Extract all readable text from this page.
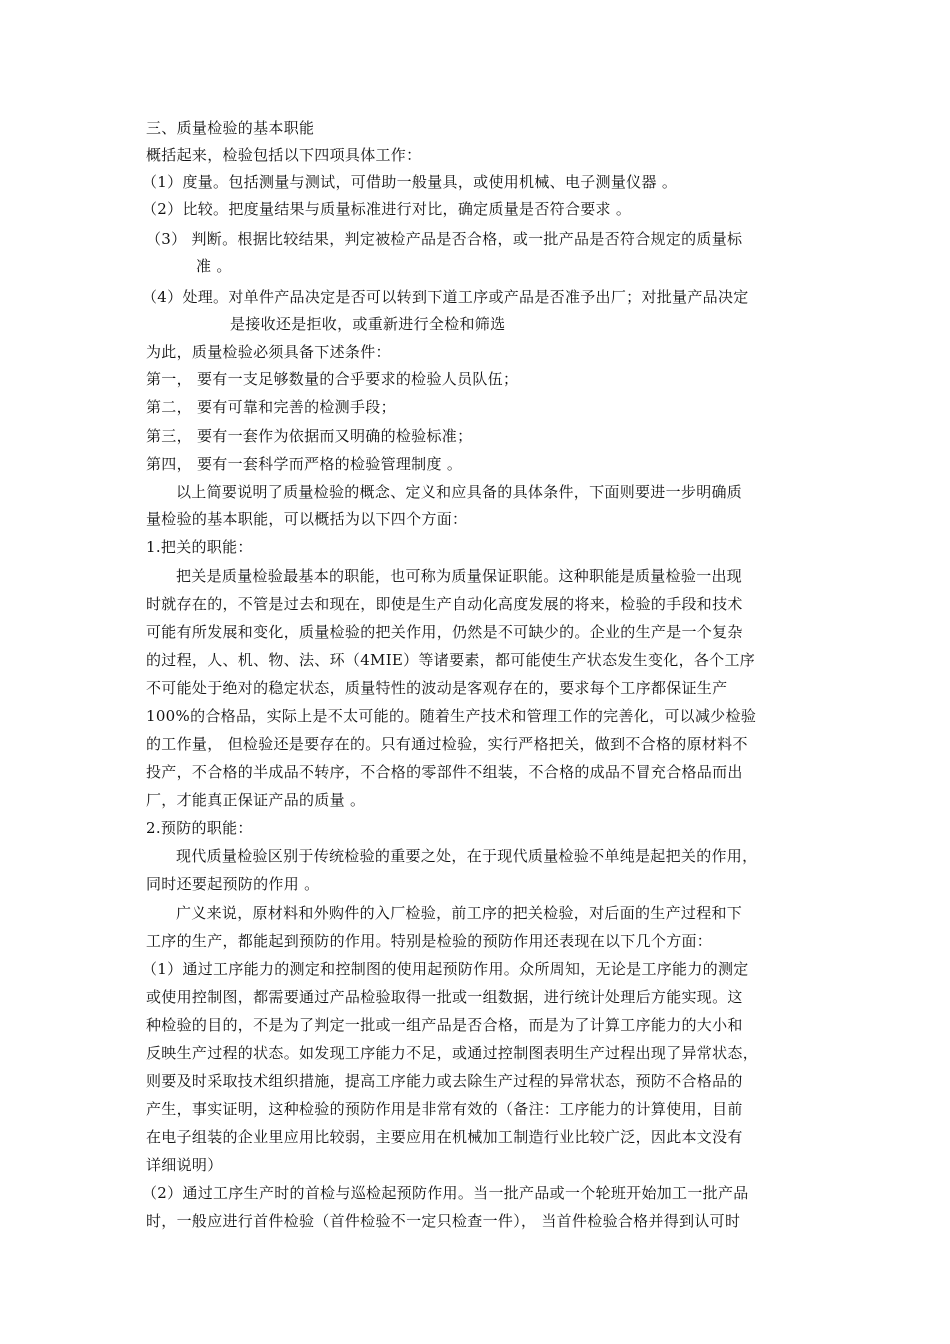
三、质量检验的基本职能
概括起来，检验包括以下四项具体工作：
（1）度量。包括测量与测试，可借助一般量具，或使用机械、电子测量仪器 。
（2）比较。把度量结果与质量标准进行对比，确定质量是否符合要求 。
（3） 判断。根据比较结果，判定被检产品是否合格，或一批产品是否符合规定的质量标
准 。
（4）处理。对单件产品决定是否可以转到下道工序或产品是否准予出厂；对批量产品决定
是接收还是拒收，或重新进行全检和筛选
为此，质量检验必须具备下述条件：
第一， 要有一支足够数量的合乎要求的检验人员队伍；
第二， 要有可靠和完善的检测手段；
第三， 要有一套作为依据而又明确的检验标准；
第四， 要有一套科学而严格的检验管理制度 。
以上简要说明了质量检验的概念、定义和应具备的具体条件，下面则要进一步明确质
量检验的基本职能，可以概括为以下四个方面：
1.把关的职能：
把关是质量检验最基本的职能，也可称为质量保证职能。这种职能是质量检验一出现
时就存在的，不管是过去和现在，即使是生产自动化高度发展的将来，检验的手段和技术
可能有所发展和变化，质量检验的把关作用，仍然是不可缺少的。企业的生产是一个复杂
的过程，人、机、物、法、环（4MIE）等诸要素，都可能使生产状态发生变化，各个工序
不可能处于绝对的稳定状态，质量特性的波动是客观存在的，要求每个工序都保证生产
100%的合格品，实际上是不太可能的。随着生产技术和管理工作的完善化，可以减少检验
的工作量， 但检验还是要存在的。只有通过检验，实行严格把关，做到不合格的原材料不
投产，不合格的半成品不转序，不合格的零部件不组装，不合格的成品不冒充合格品而出
厂，才能真正保证产品的质量 。
2.预防的职能：
现代质量检验区别于传统检验的重要之处，在于现代质量检验不单纯是起把关的作用，
同时还要起预防的作用 。
广义来说，原材料和外购件的入厂检验，前工序的把关检验，对后面的生产过程和下
工序的生产，都能起到预防的作用。特别是检验的预防作用还表现在以下几个方面：
（1）通过工序能力的测定和控制图的使用起预防作用。众所周知，无论是工序能力的测定
或使用控制图，都需要通过产品检验取得一批或一组数据，进行统计处理后方能实现。这
种检验的目的，不是为了判定一批或一组产品是否合格，而是为了计算工序能力的大小和
反映生产过程的状态。如发现工序能力不足，或通过控制图表明生产过程出现了异常状态，
则要及时采取技术组织措施，提高工序能力或去除生产过程的异常状态，预防不合格品的
产生，事实证明，这种检验的预防作用是非常有效的（备注：工序能力的计算使用，目前
在电子组装的企业里应用比较弱，主要应用在机械加工制造行业比较广泛，因此本文没有
详细说明）
（2）通过工序生产时的首检与巡检起预防作用。当一批产品或一个轮班开始加工一批产品
时，一般应进行首件检验（首件检验不一定只检查一件）， 当首件检验合格并得到认可时
